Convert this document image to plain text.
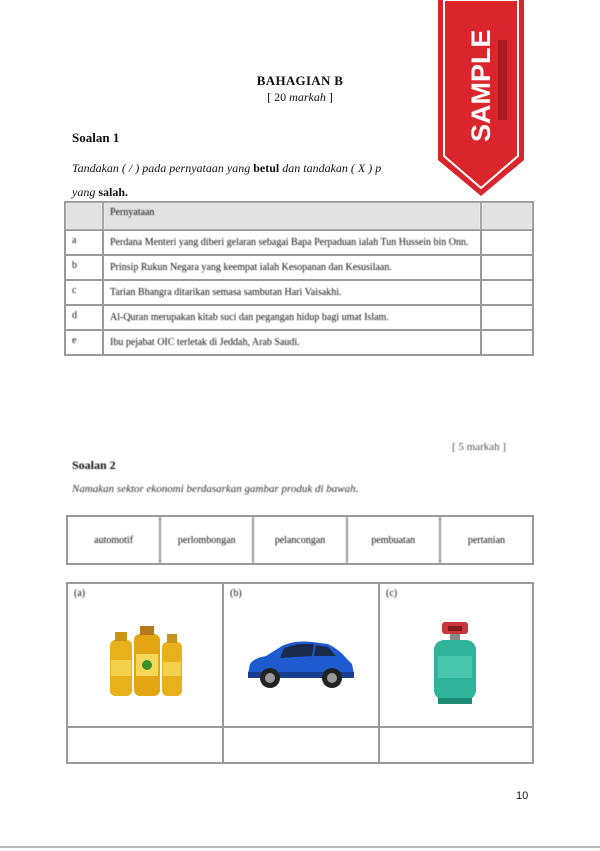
BAHAGIAN B
[ 20 markah ]
Soalan 1
Tandakan ( / ) pada pernyataan yang betul dan tandakan ( X ) p
yang salah.
	Pernyataan	
a	Perdana Menteri yang diberi gelaran sebagai Bapa Perpaduan ialah Tun Hussein bin Onn.	
b	Prinsip Rukun Negara yang keempat ialah Kesopanan dan Kesusilaan.	
c	Tarian Bhangra ditarikan semasa sambutan Hari Vaisakhi.	
d	Al-Quran merupakan kitab suci dan pegangan hidup bagi umat Islam.	
e	Ibu pejabat OIC terletak di Jeddah, Arab Saudi.	
[ 5 markah ]
Soalan 2
Namakan sektor ekonomi berdasarkan gambar produk di bawah.
automotif	perlombongan	pelancongan	pembuatan	pertanian
(a)	(b)	(c)
10
SAMPLE
